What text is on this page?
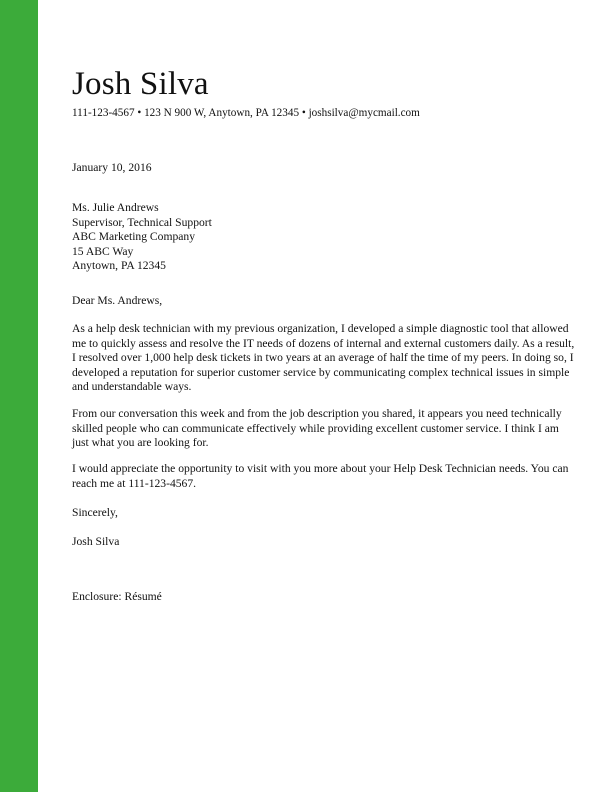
Josh Silva
111-123-4567 • 123 N 900 W, Anytown, PA 12345 • joshsilva@mycmail.com
January 10, 2016
Ms. Julie Andrews
Supervisor, Technical Support
ABC Marketing Company
15 ABC Way
Anytown, PA 12345
Dear Ms. Andrews,

As a help desk technician with my previous organization, I developed a simple diagnostic tool that allowed me to quickly assess and resolve the IT needs of dozens of internal and external customers daily. As a result, I resolved over 1,000 help desk tickets in two years at an average of half the time of my peers. In doing so, I developed a reputation for superior customer service by communicating complex technical issues in simple and understandable ways.

From our conversation this week and from the job description you shared, it appears you need technically skilled people who can communicate effectively while providing excellent customer service. I think I am just what you are looking for.

I would appreciate the opportunity to visit with you more about your Help Desk Technician needs. You can reach me at 111-123-4567.

Sincerely,
Josh Silva
Enclosure: Résumé
